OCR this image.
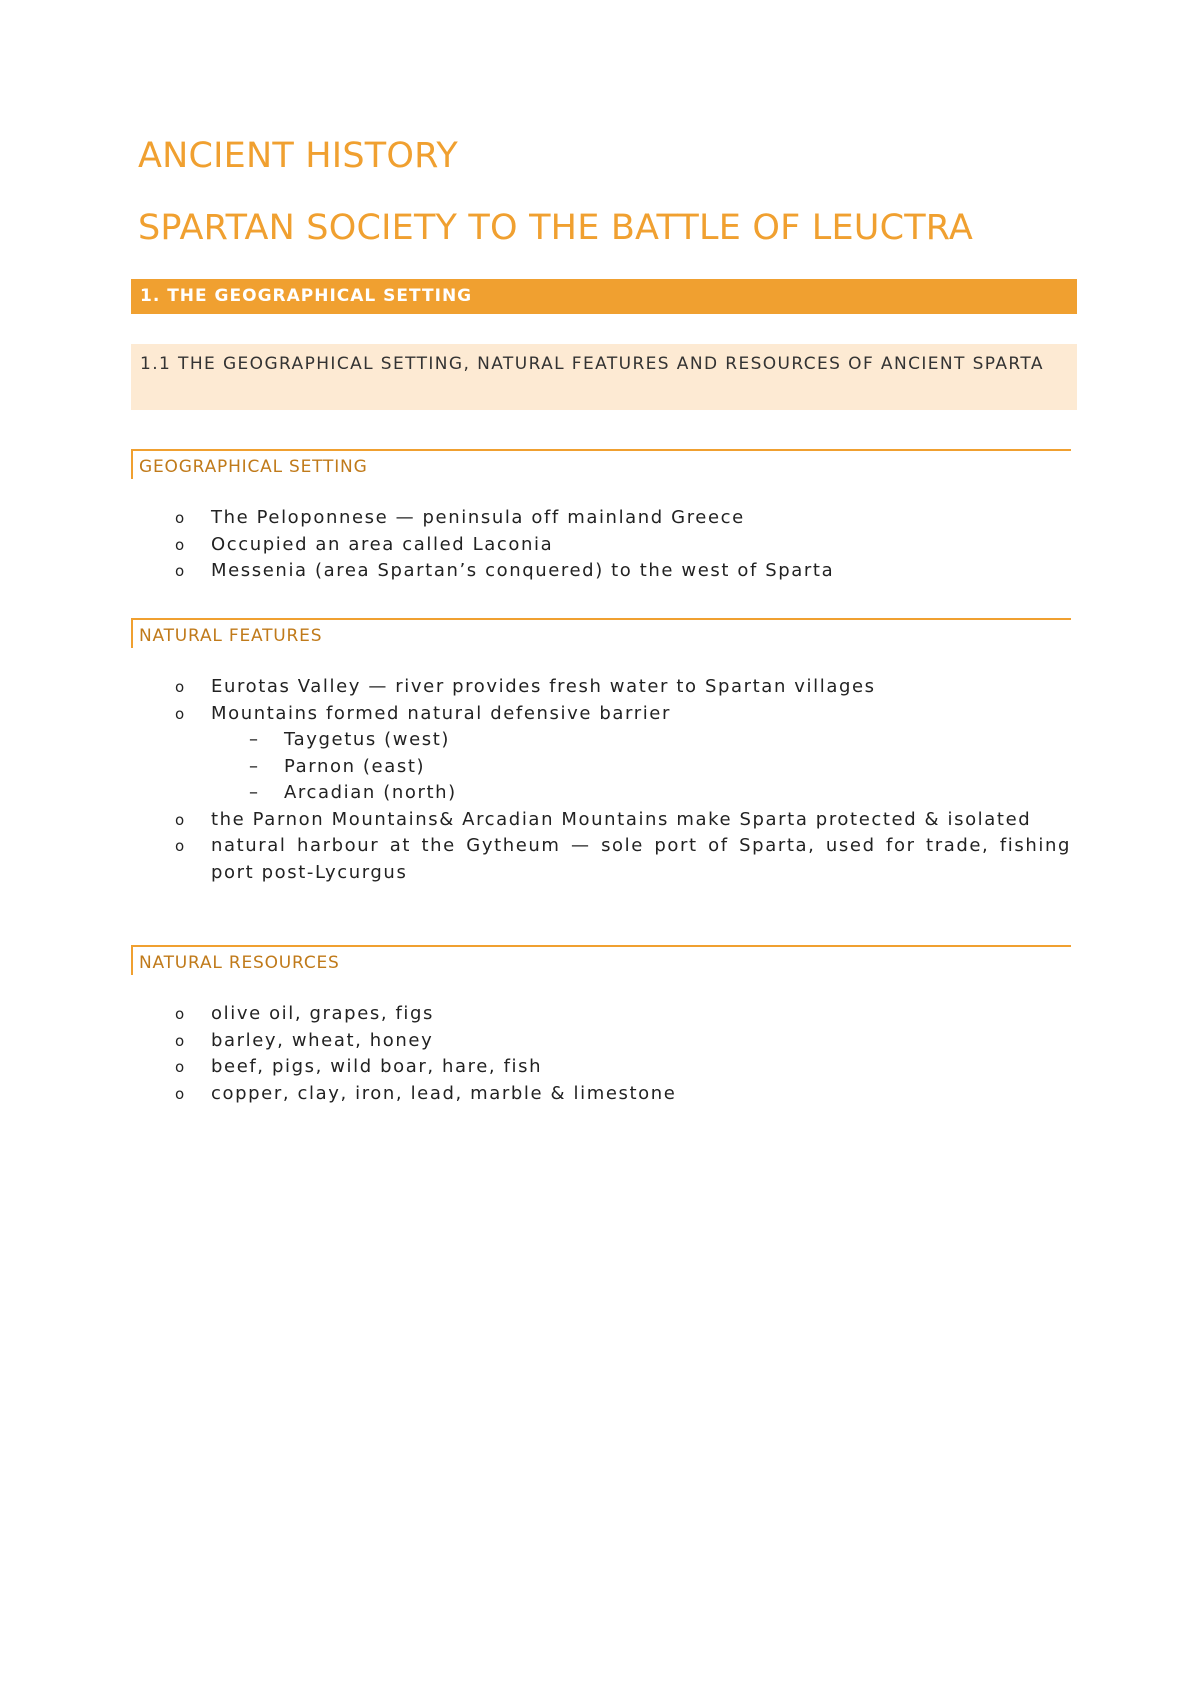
ANCIENT HISTORY
SPARTAN SOCIETY TO THE BATTLE OF LEUCTRA
1. THE GEOGRAPHICAL SETTING
1.1 THE GEOGRAPHICAL SETTING, NATURAL FEATURES AND RESOURCES OF ANCIENT SPARTA
GEOGRAPHICAL SETTING
o The Peloponnese — peninsula off mainland Greece
o Occupied an area called Laconia
o Messenia (area Spartan’s conquered) to the west of Sparta
NATURAL FEATURES
o Eurotas Valley — river provides fresh water to Spartan villages
o Mountains formed natural defensive barrier
– Taygetus (west)
– Parnon (east)
– Arcadian (north)
o the Parnon Mountains& Arcadian Mountains make Sparta protected & isolated
o natural harbour at the Gytheum — sole port of Sparta, used for trade, fishing port post-Lycurgus
NATURAL RESOURCES
o olive oil, grapes, figs
o barley, wheat, honey
o beef, pigs, wild boar, hare, fish
o copper, clay, iron, lead, marble & limestone
